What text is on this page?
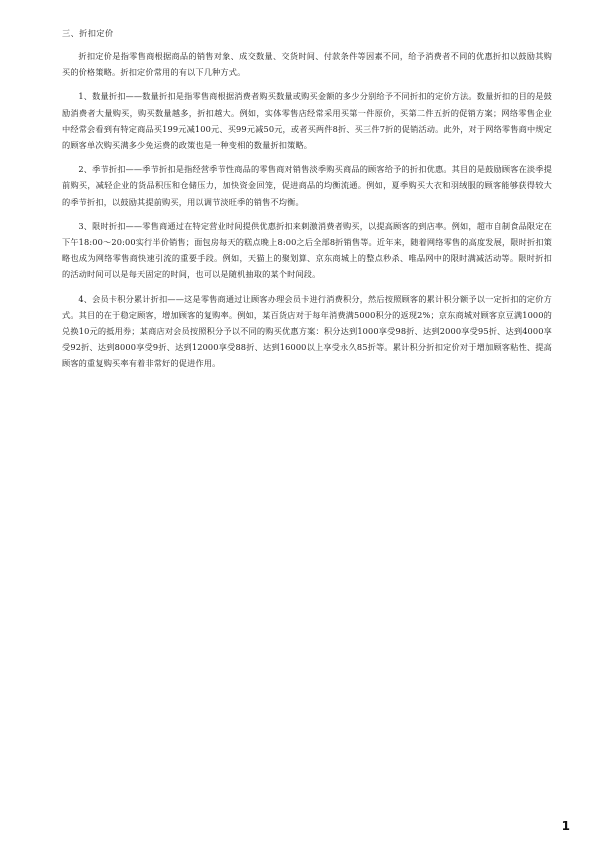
三、折扣定价

折扣定价是指零售商根据商品的销售对象、成交数量、交货时间、付款条件等因素不同，给予消费者不同的优惠折扣以鼓励其购买的价格策略。折扣定价常用的有以下几种方式。

1、数量折扣——数量折扣是指零售商根据消费者购买数量或购买金额的多少分别给予不同折扣的定价方法。数量折扣的目的是鼓励消费者大量购买，购买数量越多，折扣越大。例如，实体零售店经常采用买第一件原价，买第二件五折的促销方案；网络零售企业中经常会看到有特定商品买199元减100元、买99元减50元，或者买两件8折、买三件7折的促销活动。此外，对于网络零售商中规定的顾客单次购买满多少免运费的政策也是一种变相的数量折扣策略。

2、季节折扣——季节折扣是指经营季节性商品的零售商对销售淡季购买商品的顾客给予的折扣优惠。其目的是鼓励顾客在淡季提前购买，减轻企业的货品积压和仓储压力，加快资金回笼，促进商品的均衡流通。例如，夏季购买大衣和羽绒服的顾客能够获得较大的季节折扣，以鼓励其提前购买，用以调节淡旺季的销售不均衡。

3、限时折扣——零售商通过在特定营业时间提供优惠折扣来刺激消费者购买，以提高顾客的到店率。例如，超市自制食品限定在下午18:00～20:00实行半价销售；面包房每天的糕点晚上8:00之后全部8折销售等。近年来，随着网络零售的高度发展，限时折扣策略也成为网络零售商快速引流的重要手段。例如，天猫上的聚划算、京东商城上的整点秒杀、唯品网中的限时满减活动等。限时折扣的活动时间可以是每天固定的时间，也可以是随机抽取的某个时间段。

4、会员卡积分累计折扣——这是零售商通过让顾客办理会员卡进行消费积分，然后按照顾客的累计积分额予以一定折扣的定价方式。其目的在于稳定顾客，增加顾客的复购率。例如，某百货店对于每年消费满5000积分的返现2%；京东商城对顾客京豆满1000的兑换10元的抵用券；某商店对会员按照积分予以不同的购买优惠方案：积分达到1000享受98折、达到2000享受95折、达到4000享受92折、达到8000享受9折、达到12000享受88折、达到16000以上享受永久85折等。累计积分折扣定价对于增加顾客粘性、提高顾客的重复购买率有着非常好的促进作用。

1
